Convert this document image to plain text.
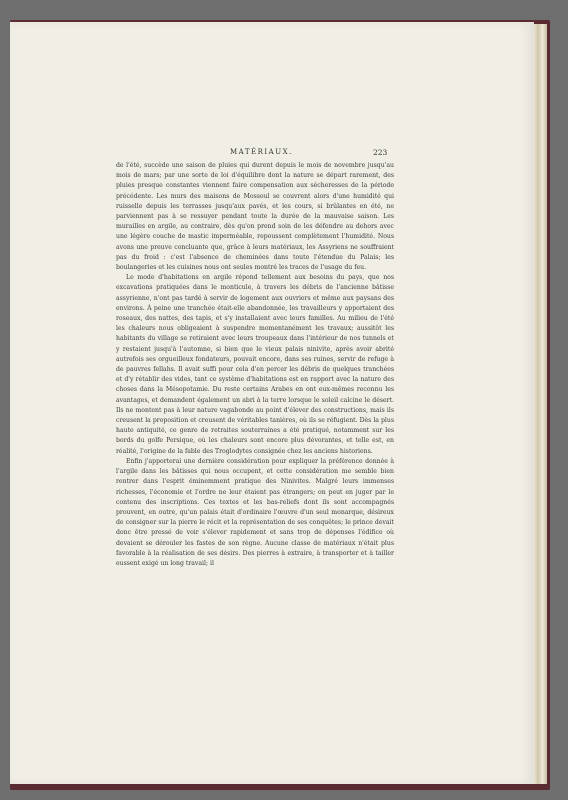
MATÉRIAUX.	223

de l'été, succède une saison de pluies qui durent depuis le mois de novembre jusqu'au mois de mars; par une sorte de loi d'équilibre dont la nature se départ rarement, des pluies presque constantes viennent faire compensation aux sécheresses de la période précédente. Les murs des maisons de Mossoul se couvrent alors d'une humidité qui ruisselle depuis les terrasses jusqu'aux pavés, et les cours, si brûlantes en été, ne parviennent pas à se ressuyer pendant toute la durée de la mauvaise saison. Les murailles en argile, au contraire, dès qu'on prend soin de les défendre au dehors avec une légère couche de mastic imperméable, repoussent complètement l'humidité. Nous avons une preuve concluante que, grâce à leurs matériaux, les Assyriens ne souffraient pas du froid : c'est l'absence de cheminées dans toute l'étendue du Palais; les boulangeries et les cuisines nous ont seules montré les traces de l'usage du feu.

Le mode d'habitations en argile répond tellement aux besoins du pays, que nos excavations pratiquées dans le monticule, à travers les débris de l'ancienne bâtisse assyrienne, n'ont pas tardé à servir de logement aux ouvriers et même aux paysans des environs. À peine une tranchée était-elle abandonnée, les travailleurs y apportaient des roseaux, des nattes, des tapis, et s'y installaient avec leurs familles. Au milieu de l'été les chaleurs nous obligeaient à suspendre momentanément les travaux; aussitôt les habitants du village se retiraient avec leurs troupeaux dans l'intérieur de nos tunnels et y restaient jusqu'à l'automne, si bien que le vieux palais ninivite, après avoir abrité autrefois ses orgueilleux fondateurs, pouvait encore, dans ses ruines, servir de refuge à de pauvres fellahs. Il avait suffi pour cela d'en percer les débris de quelques tranchées et d'y rétablir des vides, tant ce système d'habitations est en rapport avec la nature des choses dans la Mésopotamie. Du reste certains Arabes en ont eux-mêmes reconnu les avantages, et demandent également un abri à la terre lorsque le soleil calcine le désert. Ils ne montent pas à leur nature vagabonde au point d'élever des constructions, mais ils creusent la proposition et creusent de véritables tanières, où ils se réfugient. Dès la plus haute antiquité, ce genre de retraites souterraines a été pratiqué, notamment sur les bords du golfe Persique, où les chaleurs sont encore plus dévorantes, et telle est, en réalité, l'origine de la fable des Troglodytes consignée chez les anciens historiens.

Enfin j'apporterai une dernière considération pour expliquer la préférence donnée à l'argile dans les bâtisses qui nous occupent, et cette considération me semble bien rentrer dans l'esprit éminemment pratique des Ninivites. Malgré leurs immenses richesses, l'économie et l'ordre ne leur étaient pas étrangers; on peut en juger par le contenu des inscriptions. Ces textes et les bas-reliefs dont ils sont accompagnés prouvent, en outre, qu'un palais était d'ordinaire l'œuvre d'un seul monarque, désireux de consigner sur la pierre le récit et la représentation de ses conquêtes; le prince devait donc être pressé de voir s'élever rapidement et sans trop de dépenses l'édifice où devaient se dérouler les fastes de son règne. Aucune classe de matériaux n'était plus favorable à la réalisation de ses désirs. Des pierres à extraire, à transporter et à tailler eussent exigé un long travail; il
